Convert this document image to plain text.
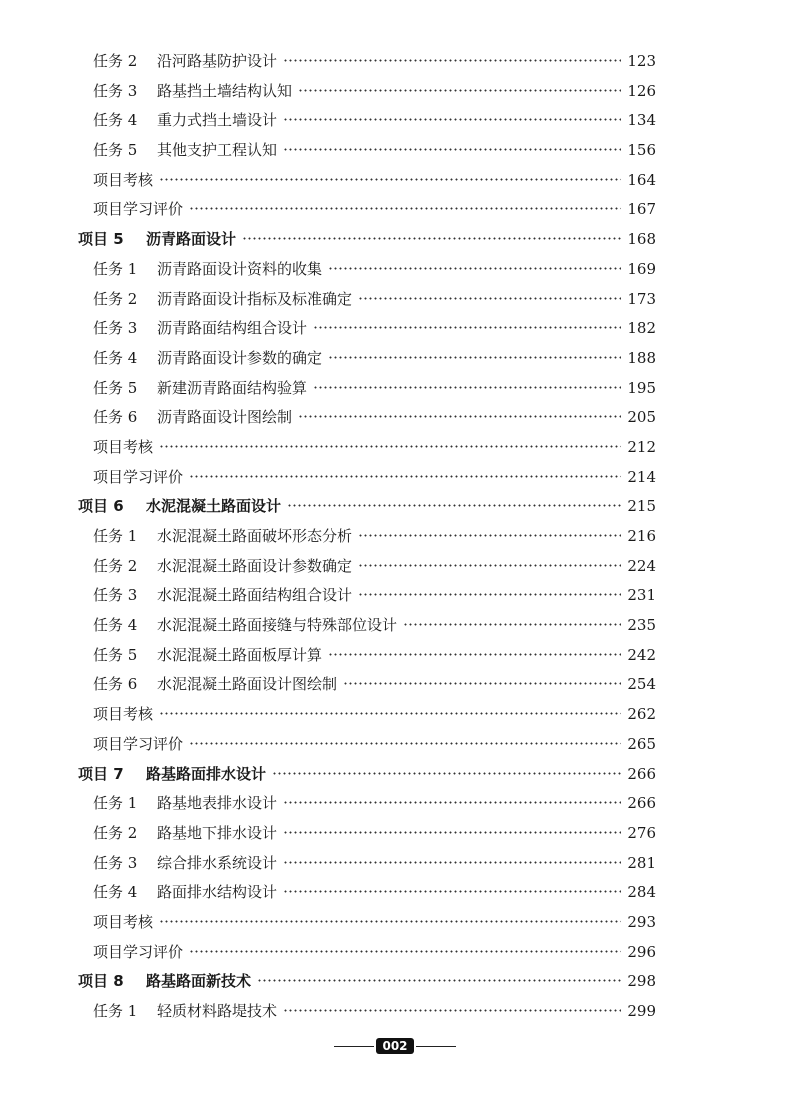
任务 2 沿河路基防护设计	123
任务 3 路基挡土墙结构认知	126
任务 4 重力式挡土墙设计	134
任务 5 其他支护工程认知	156
项目考核	164
项目学习评价	167
项目 5 沥青路面设计	168
任务 1 沥青路面设计资料的收集	169
任务 2 沥青路面设计指标及标准确定	173
任务 3 沥青路面结构组合设计	182
任务 4 沥青路面设计参数的确定	188
任务 5 新建沥青路面结构验算	195
任务 6 沥青路面设计图绘制	205
项目考核	212
项目学习评价	214
项目 6 水泥混凝土路面设计	215
任务 1 水泥混凝土路面破坏形态分析	216
任务 2 水泥混凝土路面设计参数确定	224
任务 3 水泥混凝土路面结构组合设计	231
任务 4 水泥混凝土路面接缝与特殊部位设计	235
任务 5 水泥混凝土路面板厚计算	242
任务 6 水泥混凝土路面设计图绘制	254
项目考核	262
项目学习评价	265
项目 7 路基路面排水设计	266
任务 1 路基地表排水设计	266
任务 2 路基地下排水设计	276
任务 3 综合排水系统设计	281
任务 4 路面排水结构设计	284
项目考核	293
项目学习评价	296
项目 8 路基路面新技术	298
任务 1 轻质材料路堤技术	299
002
